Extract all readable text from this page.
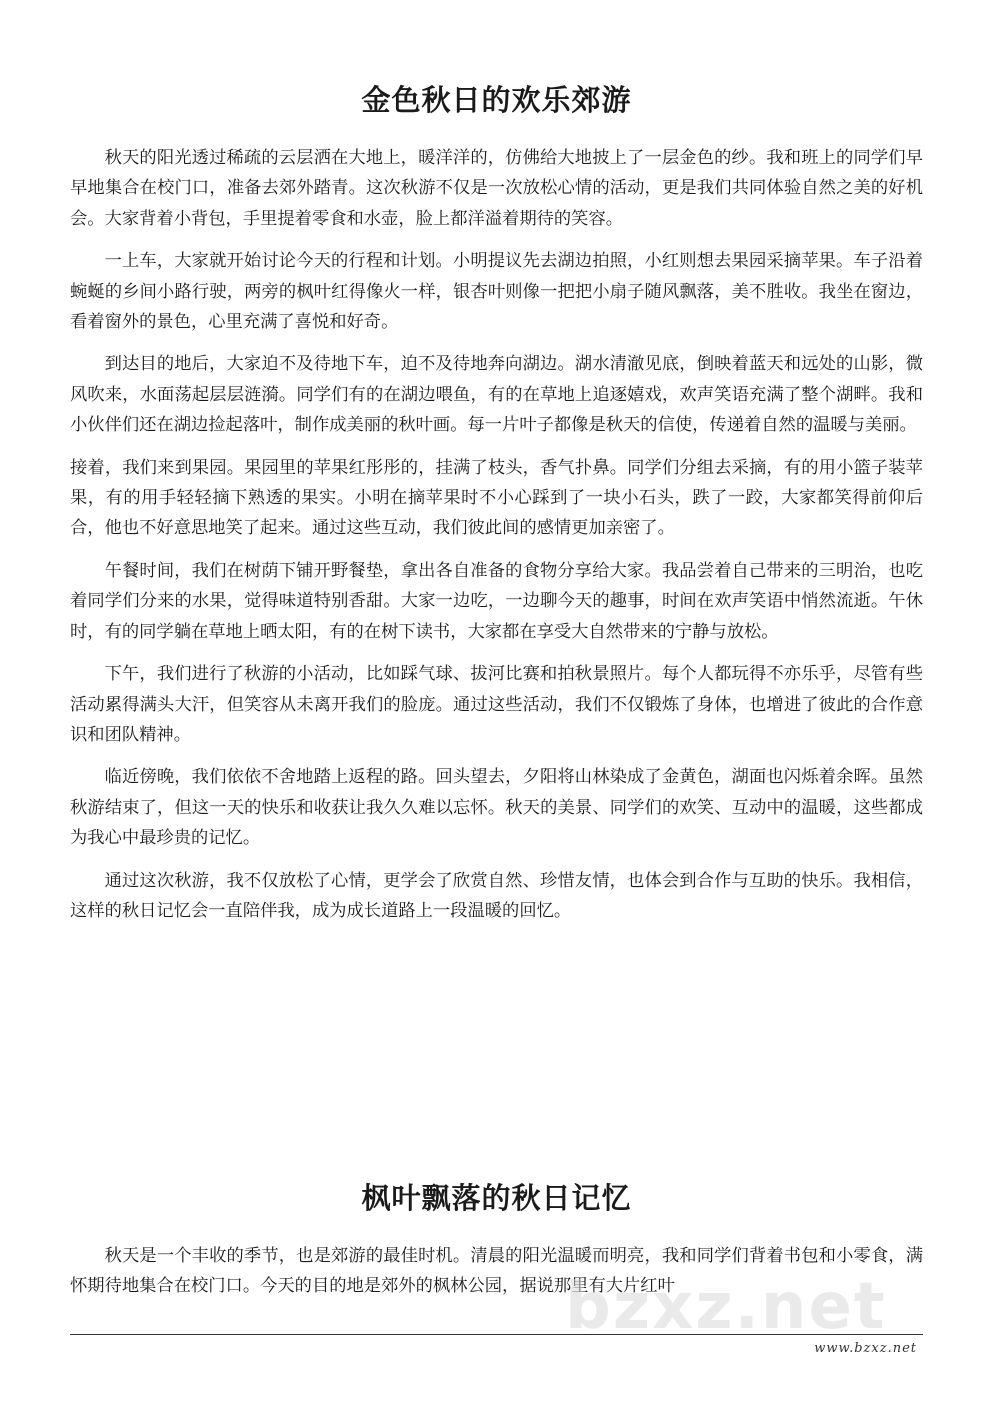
金色秋日的欢乐郊游

秋天的阳光透过稀疏的云层洒在大地上，暖洋洋的，仿佛给大地披上了一层金色的纱。我和班上的同学们早早地集合在校门口，准备去郊外踏青。这次秋游不仅是一次放松心情的活动，更是我们共同体验自然之美的好机会。大家背着小背包，手里提着零食和水壶，脸上都洋溢着期待的笑容。

一上车，大家就开始讨论今天的行程和计划。小明提议先去湖边拍照，小红则想去果园采摘苹果。车子沿着蜿蜒的乡间小路行驶，两旁的枫叶红得像火一样，银杏叶则像一把把小扇子随风飘落，美不胜收。我坐在窗边，看着窗外的景色，心里充满了喜悦和好奇。

到达目的地后，大家迫不及待地下车，迫不及待地奔向湖边。湖水清澈见底，倒映着蓝天和远处的山影，微风吹来，水面荡起层层涟漪。同学们有的在湖边喂鱼，有的在草地上追逐嬉戏，欢声笑语充满了整个湖畔。我和小伙伴们还在湖边捡起落叶，制作成美丽的秋叶画。每一片叶子都像是秋天的信使，传递着自然的温暖与美丽。

接着，我们来到果园。果园里的苹果红彤彤的，挂满了枝头，香气扑鼻。同学们分组去采摘，有的用小篮子装苹果，有的用手轻轻摘下熟透的果实。小明在摘苹果时不小心踩到了一块小石头，跌了一跤，大家都笑得前仰后合，他也不好意思地笑了起来。通过这些互动，我们彼此间的感情更加亲密了。

午餐时间，我们在树荫下铺开野餐垫，拿出各自准备的食物分享给大家。我品尝着自己带来的三明治，也吃着同学们分来的水果，觉得味道特别香甜。大家一边吃，一边聊今天的趣事，时间在欢声笑语中悄然流逝。午休时，有的同学躺在草地上晒太阳，有的在树下读书，大家都在享受大自然带来的宁静与放松。

下午，我们进行了秋游的小活动，比如踩气球、拔河比赛和拍秋景照片。每个人都玩得不亦乐乎，尽管有些活动累得满头大汗，但笑容从未离开我们的脸庞。通过这些活动，我们不仅锻炼了身体，也增进了彼此的合作意识和团队精神。

临近傍晚，我们依依不舍地踏上返程的路。回头望去，夕阳将山林染成了金黄色，湖面也闪烁着余晖。虽然秋游结束了，但这一天的快乐和收获让我久久难以忘怀。秋天的美景、同学们的欢笑、互动中的温暖，这些都成为我心中最珍贵的记忆。

通过这次秋游，我不仅放松了心情，更学会了欣赏自然、珍惜友情，也体会到合作与互助的快乐。我相信，这样的秋日记忆会一直陪伴我，成为成长道路上一段温暖的回忆。

枫叶飘落的秋日记忆

秋天是一个丰收的季节，也是郊游的最佳时机。清晨的阳光温暖而明亮，我和同学们背着书包和小零食，满怀期待地集合在校门口。今天的目的地是郊外的枫林公园，据说那里有大片红叶

bzxz.net
www.bzxz.net
